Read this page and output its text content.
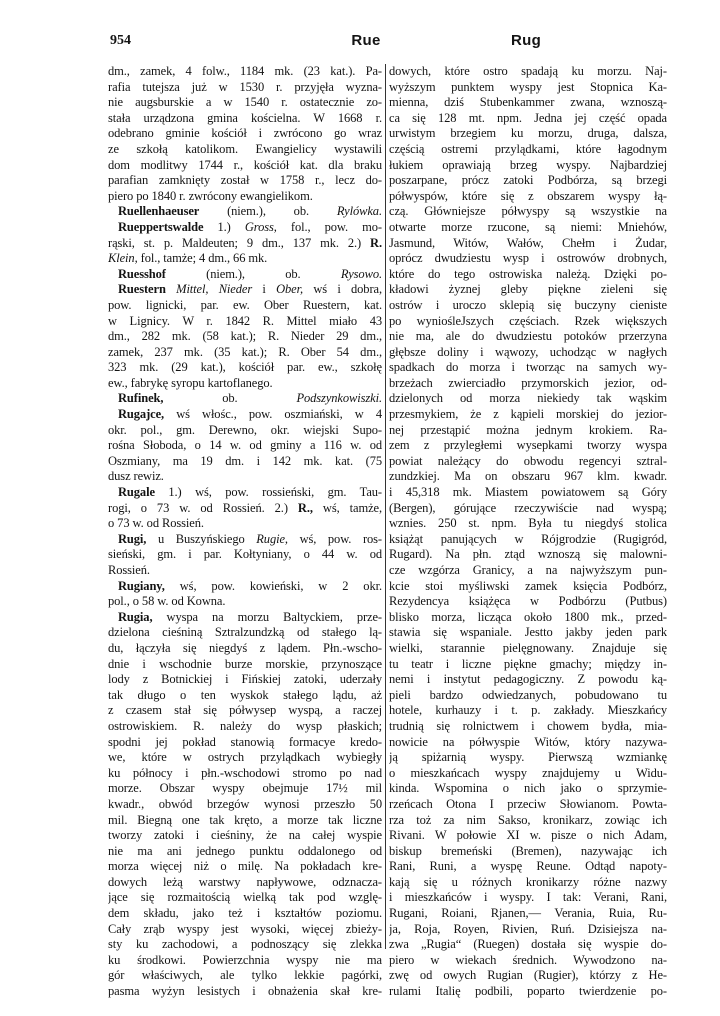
954	Rue	Rug
dm., zamek, 4 folw., 1184 mk. (23 kat.). Pa-
rafia tutejsza już w 1530 r. przyjęła wyzna-
nie augsburskie a w 1540 r. ostatecznie zo-
stała urządzona gmina kościelna. W 1668 r.
odebrano gminie kościół i zwrócono go wraz
ze szkołą katolikom. Ewangielicy wystawili
dom modlitwy 1744 r., kościół kat. dla braku
parafian zamknięty został w 1758 r., lecz do-
piero po 1840 r. zwrócony ewangielikom.
Ruellenhaeuser (niem.), ob. Rylówka.
Rueppertswalde 1.) Gross, fol., pow. mo-
rąski, st. p. Maldeuten; 9 dm., 137 mk. 2.) R.
Klein, fol., tamże; 4 dm., 66 mk.
Ruesshof (niem.), ob. Rysowo.
Ruestern Mittel, Nieder i Ober, wś i dobra,
pow. lignicki, par. ew. Ober Ruestern, kat.
w Lignicy. W r. 1842 R. Mittel miało 43
dm., 282 mk. (58 kat.); R. Nieder 29 dm.,
zamek, 237 mk. (35 kat.); R. Ober 54 dm.,
323 mk. (29 kat.), kościół par. ew., szkołę
ew., fabrykę syropu kartoflanego.
Rufinek, ob. Podszynkowiszki.
Rugajce, wś włośc., pow. oszmiański, w 4
okr. pol., gm. Derewno, okr. wiejski Supo-
rośna Słoboda, o 14 w. od gminy a 116 w. od
Oszmiany, ma 19 dm. i 142 mk. kat. (75
dusz rewiz.
Rugale 1.) wś, pow. rossieński, gm. Tau-
rogi, o 73 w. od Rossień. 2.) R., wś, tamże,
o 73 w. od Rossień.
Rugi, u Buszyńskiego Rugie, wś, pow. ros-
sieński, gm. i par. Kołtyniany, o 44 w. od
Rossień.
Rugiany, wś, pow. kowieński, w 2 okr.
pol., o 58 w. od Kowna.
Rugia, wyspa na morzu Baltyckiem, prze-
dzielona cieśniną Sztralzundzką od stałego lą-
du, łączyła się niegdyś z lądem. Płn.-wscho-
dnie i wschodnie burze morskie, przynoszące
lody z Botnickiej i Fińskiej zatoki, uderzały
tak długo o ten wyskok stałego lądu, aż
z czasem stał się półwysep wyspą, a raczej
ostrowiskiem. R. należy do wysp płaskich;
spodni jej pokład stanowią formacye kredo-
we, które w ostrych przylądkach wybiegły
ku północy i płn.-wschodowi stromo po nad
morze. Obszar wyspy obejmuje 17½ mil
kwadr., obwód brzegów wynosi przeszło 50
mil. Biegną one tak kręto, a morze tak liczne
tworzy zatoki i cieśniny, że na całej wyspie
nie ma ani jednego punktu oddalonego od
morza więcej niż o milę. Na pokładach kre-
dowych leżą warstwy napływowe, odznacza-
jące się rozmaitością wielką tak pod wzglę-
dem składu, jako też i kształtów poziomu.
Cały zrąb wyspy jest wysoki, więcej zbieży-
sty ku zachodowi, a podnoszący się zlekka
ku środkowi. Powierzchnia wyspy nie ma
gór właściwych, ale tylko lekkie pagórki,
pasma wyżyn lesistych i obnażenia skał kre-
dowych, które ostro spadają ku morzu. Naj-
wyższym punktem wyspy jest Stopnica Ka-
mienna, dziś Stubenkammer zwana, wznoszą-
ca się 128 mt. npm. Jedna jej część opada
urwistym brzegiem ku morzu, druga, dalsza,
częścią ostremi przylądkami, które łagodnym
łukiem oprawiają brzeg wyspy. Najbardziej
poszarpane, prócz zatoki Podbórza, są brzegi
półwyspów, które się z obszarem wyspy łą-
czą. Główniejsze półwyspy są wszystkie na
otwarte morze rzucone, są niemi: Mniehów,
Jasmund, Witów, Wałów, Chełm i Żudar,
oprócz dwudziestu wysp i ostrowów drobnych,
które do tego ostrowiska należą. Dzięki po-
kładowi żyznej gleby piękne zieleni się
ostrów i uroczo sklepią się buczyny cieniste
po wyniośleJszych częściach. Rzek większych
nie ma, ale do dwudziestu potoków przerzyna
głębsze doliny i wąwozy, uchodząc w nagłych
spadkach do morza i tworząc na samych wy-
brzeżach zwierciadło przymorskich jezior, od-
dzielonych od morza niekiedy tak wąskim
przesmykiem, że z kąpieli morskiej do jezior-
nej przestąpić można jednym krokiem. Ra-
zem z przyległemi wysepkami tworzy wyspa
powiat należący do obwodu regencyi sztral-
zundzkiej. Ma on obszaru 967 klm. kwadr.
i 45,318 mk. Miastem powiatowem są Góry
(Bergen), górujące rzeczywiście nad wyspą;
wznies. 250 st. npm. Była tu niegdyś stolica
książąt panujących w Rójgrodzie (Rugigród,
Rugard). Na płn. ztąd wznoszą się malowni-
cze wzgórza Granicy, a na najwyższym pun-
kcie stoi myśliwski zamek księcia Podbórz,
Rezydencya książęca w Podbórzu (Putbus)
blisko morza, licząca około 1800 mk., przed-
stawia się wspaniale. Jestto jakby jeden park
wielki, starannie pielęgnowany. Znajduje się
tu teatr i liczne piękne gmachy; między in-
nemi i instytut pedagogiczny. Z powodu ką-
pieli bardzo odwiedzanych, pobudowano tu
hotele, kurhauzy i t. p. zakłady. Mieszkańcy
trudnią się rolnictwem i chowem bydła, mia-
nowicie na półwyspie Witów, który nazywa-
ją spiżarnią wyspy. Pierwszą wzmiankę
o mieszkańcach wyspy znajdujemy u Widu-
kinda. Wspomina o nich jako o sprzymie-
rzeńcach Otona I przeciw Słowianom. Powta-
rza toż za nim Sakso, kronikarz, zowiąc ich
Rivani. W połowie XI w. pisze o nich Adam,
biskup bremeński (Bremen), nazywając ich
Rani, Runi, a wyspę Reune. Odtąd napoty-
kają się u różnych kronikarzy różne nazwy
i mieszkańców i wyspy. I tak: Verani, Rani,
Rugani, Roiani, Rjanen,— Verania, Ruia, Ru-
ja, Roja, Royen, Rivien, Ruń. Dzisiejsza na-
zwa „Rugia“ (Ruegen) dostała się wyspie do-
piero w wiekach średnich. Wywodzono na-
zwę od owych Rugian (Rugier), którzy z He-
rulami Italię podbili, poparto twierdzenie po-
